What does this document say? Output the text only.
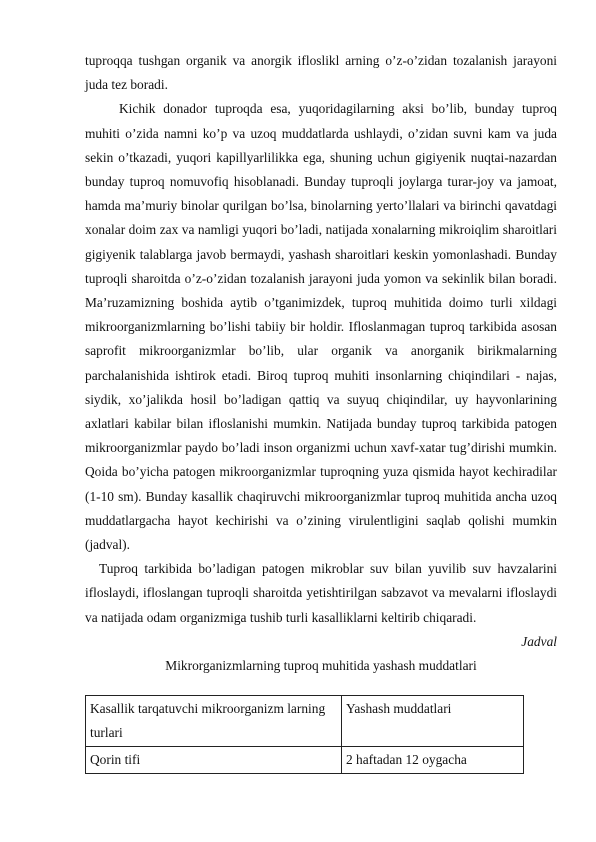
tuproqqa tushgan organik va anorgik ifloslikl arning o’z-o’zidan tozalanish jarayoni juda tez boradi.

Kichik donador tuproqda esa, yuqoridagilarning aksi bo’lib, bunday tuproq muhiti o’zida namni ko’p va uzoq muddatlarda ushlaydi, o’zidan suvni kam va juda sekin o’tkazadi, yuqori kapillyarlilikka ega, shuning uchun gigiyenik nuqtai-nazardan bunday tuproq nomuvofiq hisoblanadi. Bunday tuproqli joylarga turar-joy va jamoat, hamda ma’muriy binolar qurilgan bo’lsa, binolarning yerto’llalari va birinchi qavatdagi xonalar doim zax va namligi yuqori bo’ladi, natijada xonalarning mikroiqlim sharoitlari gigiyenik talablarga javob bermaydi, yashash sharoitlari keskin yomonlashadi. Bunday tuproqli sharoitda o’z-o’zidan tozalanish jarayoni juda yomon va sekinlik bilan boradi. Ma’ruzamizning boshida aytib o’tganimizdek, tuproq muhitida doimo turli xildagi mikroorganizmlarning bo’lishi tabiiy bir holdir. Ifloslanmagan tuproq tarkibida asosan saprofit mikroorganizmlar bo’lib, ular organik va anorganik birikmalarning parchalanishida ishtirok etadi. Biroq tuproq muhiti insonlarning chiqindilari - najas, siydik, xo’jalikda hosil bo’ladigan qattiq va suyuq chiqindilar, uy hayvonlarining axlatlari kabilar bilan ifloslanishi mumkin. Natijada bunday tuproq tarkibida patogen mikroorganizmlar paydo bo’ladi inson organizmi uchun xavf-xatar tug’dirishi mumkin. Qoida bo’yicha patogen mikroorganizmlar tuproqning yuza qismida hayot kechiradilar (1-10 sm). Bunday kasallik chaqiruvchi mikroorganizmlar tuproq muhitida ancha uzoq muddatlargacha hayot kechirishi va o’zining virulentligini saqlab qolishi mumkin (jadval).

Tuproq tarkibida bo’ladigan patogen mikroblar suv bilan yuvilib suv havzalarini ifloslaydi, ifloslangan tuproqli sharoitda yetishtirilgan sabzavot va mevalarni ifloslaydi va natijada odam organizmiga tushib turli kasalliklarni keltirib chiqaradi.

Jadval

Mikrorganizmlarning tuproq muhitida yashash muddatlari

Kasallik tarqatuvchi mikroorganizm larning turlari	Yashash muddatlari
Qorin tifi	2 haftadan 12 oygacha
